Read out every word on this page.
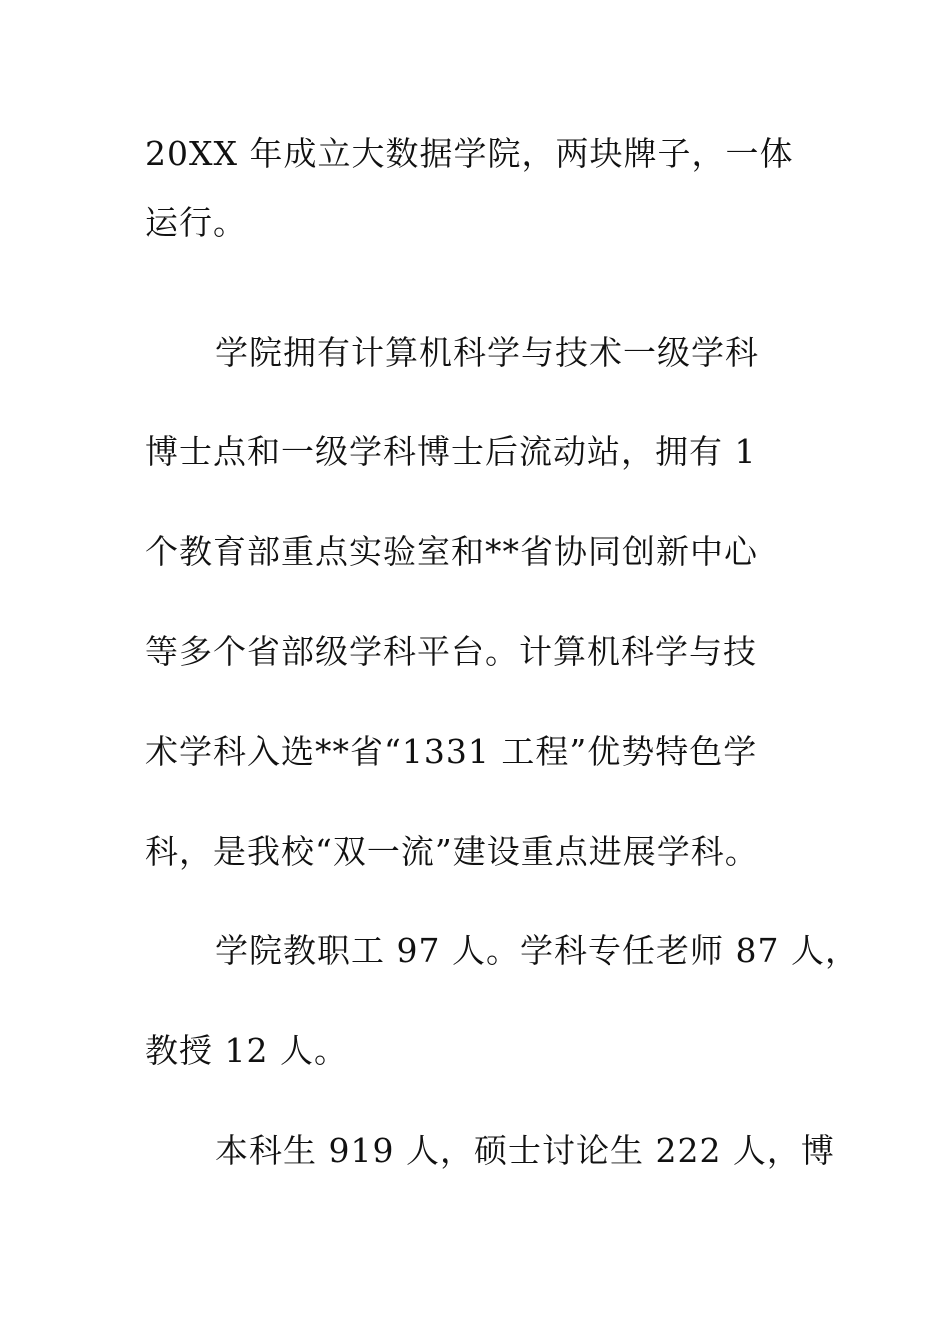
20XX 年成立大数据学院，两块牌子，一体

运行。

学院拥有计算机科学与技术一级学科

博士点和一级学科博士后流动站，拥有 1

个教育部重点实验室和**省协同创新中心

等多个省部级学科平台。计算机科学与技

术学科入选**省“1331 工程”优势特色学

科，是我校“双一流”建设重点进展学科。

学院教职工 97 人。学科专任老师 87 人，

教授 12 人。

本科生 919 人，硕士讨论生 222 人，博
